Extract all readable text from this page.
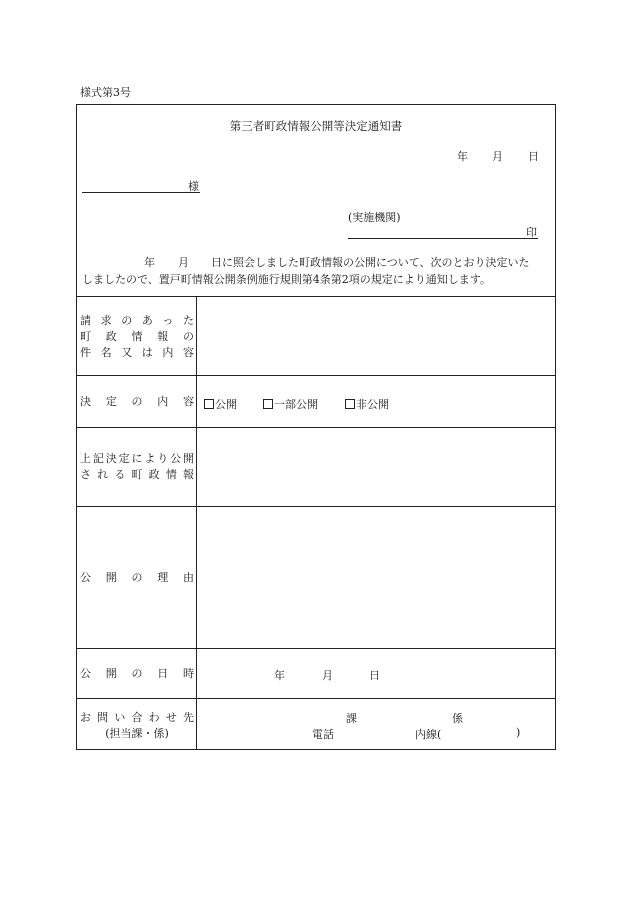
様式第3号
第三者町政情報公開等決定通知書
年 月 日
様
(実施機関)
印
年 月 日に照会しました町政情報の公開について、次のとおり決定いた
しましたので、置戸町情報公開条例施行規則第4条第2項の規定により通知します。
請求のあった
町政情報の
件名又は内容
決定の内容	公開	一部公開	非公開
上記決定により公開
される町政情報
公開の理由
公開の日時	年	月	日
お問い合わせ先
(担当課・係)
課	係
電話	内線(	)
